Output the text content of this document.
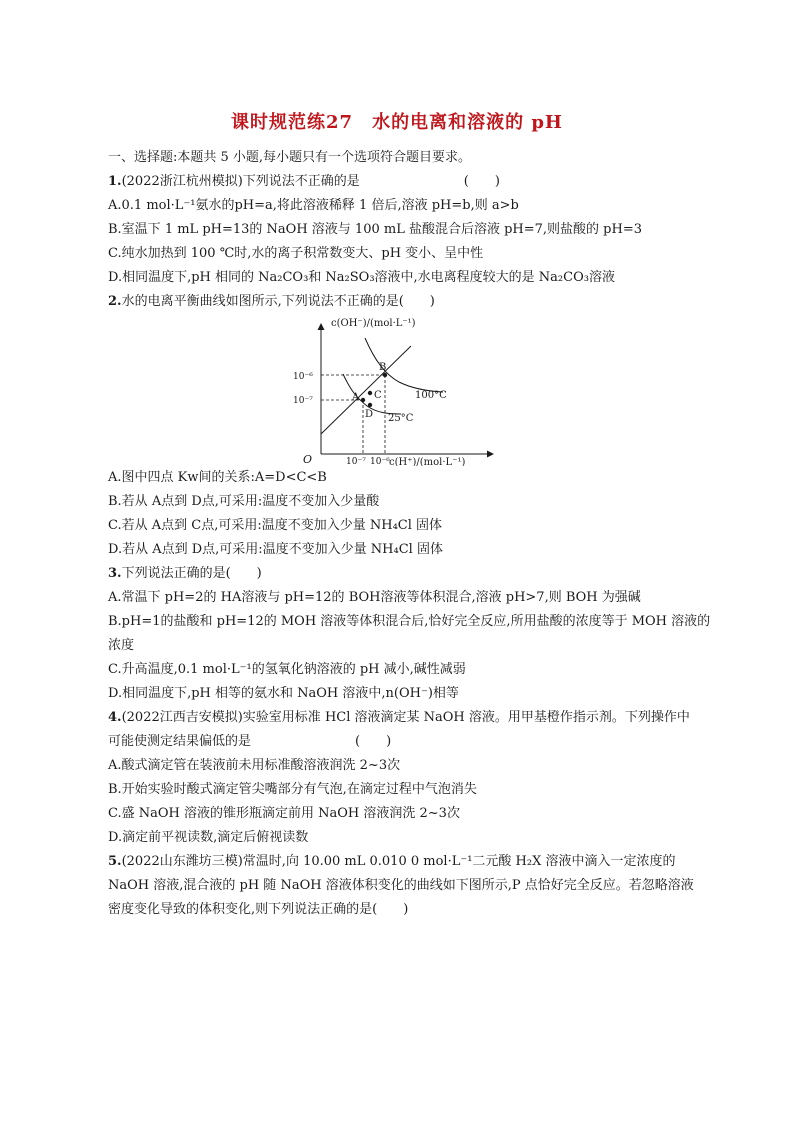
课时规范练27　水的电离和溶液的 pH
一、选择题:本题共 5 小题,每小题只有一个选项符合题目要求。
1.(2022浙江杭州模拟)下列说法不正确的是　　　　　　　　(　　)
A.0.1 mol·L⁻¹氨水的pH=a,将此溶液稀释 1 倍后,溶液 pH=b,则 a>b
B.室温下 1 mL pH=13的 NaOH 溶液与 100 mL 盐酸混合后溶液 pH=7,则盐酸的 pH=3
C.纯水加热到 100 ℃时,水的离子积常数变大、pH 变小、呈中性
D.相同温度下,pH 相同的 Na₂CO₃和 Na₂SO₃溶液中,水电离程度较大的是 Na₂CO₃溶液
2.水的电离平衡曲线如图所示,下列说法不正确的是(　　)
c(OH⁻)/(mol·L⁻¹)
c(H⁺)/(mol·L⁻¹)
O
10⁻⁶
10⁻⁷
10⁻⁷ 10⁻⁶
100°C
25°C
A
B
C
D
A.图中四点 Kw间的关系:A=D<C<B
B.若从 A点到 D点,可采用:温度不变加入少量酸
C.若从 A点到 C点,可采用:温度不变加入少量 NH₄Cl 固体
D.若从 A点到 D点,可采用:温度不变加入少量 NH₄Cl 固体
3.下列说法正确的是(　　)
A.常温下 pH=2的 HA溶液与 pH=12的 BOH溶液等体积混合,溶液 pH>7,则 BOH 为强碱
B.pH=1的盐酸和 pH=12的 MOH 溶液等体积混合后,恰好完全反应,所用盐酸的浓度等于 MOH 溶液的
浓度
C.升高温度,0.1 mol·L⁻¹的氢氧化钠溶液的 pH 减小,碱性减弱
D.相同温度下,pH 相等的氨水和 NaOH 溶液中,n(OH⁻)相等
4.(2022江西吉安模拟)实验室用标准 HCl 溶液滴定某 NaOH 溶液。用甲基橙作指示剂。下列操作中
可能使测定结果偏低的是　　　　　　　　(　　)
A.酸式滴定管在装液前未用标准酸溶液润洗 2~3次
B.开始实验时酸式滴定管尖嘴部分有气泡,在滴定过程中气泡消失
C.盛 NaOH 溶液的锥形瓶滴定前用 NaOH 溶液润洗 2~3次
D.滴定前平视读数,滴定后俯视读数
5.(2022山东潍坊三模)常温时,向 10.00 mL 0.010 0 mol·L⁻¹二元酸 H₂X 溶液中滴入一定浓度的
NaOH 溶液,混合液的 pH 随 NaOH 溶液体积变化的曲线如下图所示,P 点恰好完全反应。若忽略溶液
密度变化导致的体积变化,则下列说法正确的是(　　)
